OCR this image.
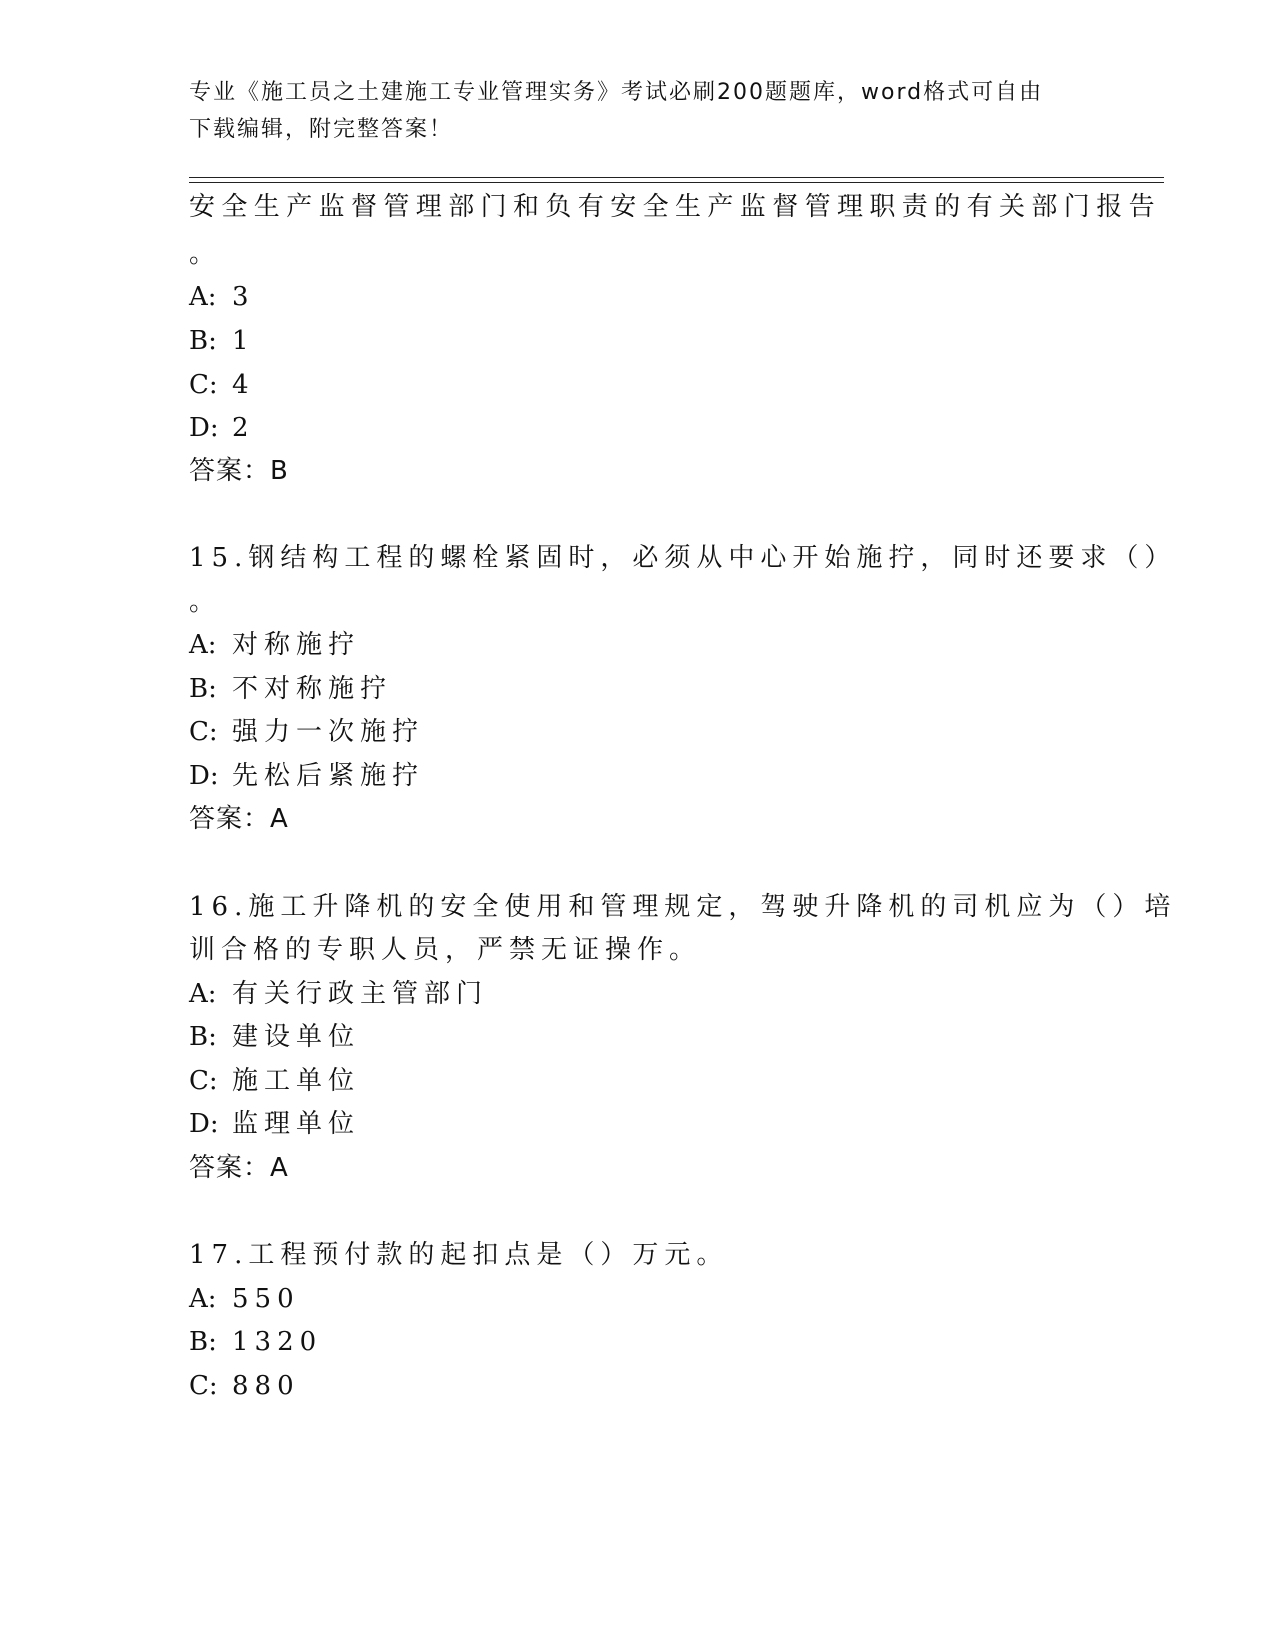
专业《施工员之土建施工专业管理实务》考试必刷200题题库，word格式可自由
下载编辑，附完整答案！
安全生产监督管理部门和负有安全生产监督管理职责的有关部门报告
。
A: 3
B: 1
C: 4
D: 2
答案：B
15.钢结构工程的螺栓紧固时，必须从中心开始施拧，同时还要求（）
。
A: 对称施拧
B: 不对称施拧
C: 强力一次施拧
D: 先松后紧施拧
答案：A
16.施工升降机的安全使用和管理规定，驾驶升降机的司机应为（）培
训合格的专职人员，严禁无证操作。
A: 有关行政主管部门
B: 建设单位
C: 施工单位
D: 监理单位
答案：A
17.工程预付款的起扣点是（）万元。
A: 550
B: 1320
C: 880
